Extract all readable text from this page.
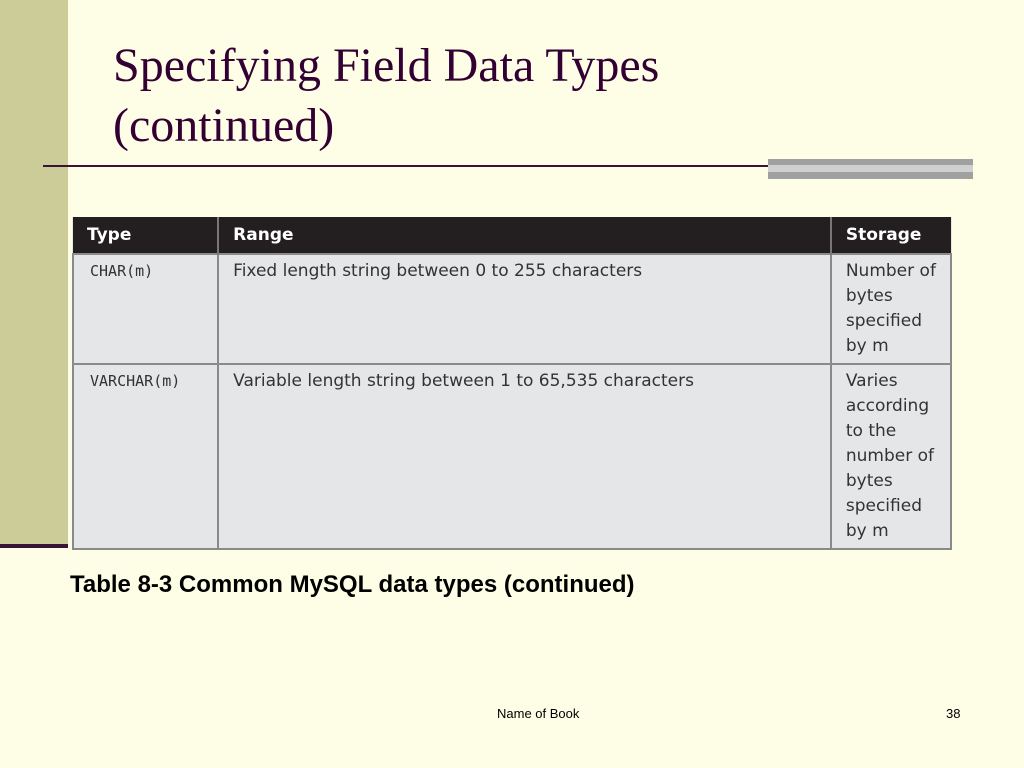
Specifying Field Data Types
(continued)
Type	Range	Storage
CHAR(m)	Fixed length string between 0 to 255 characters	Number of bytes specified by m
VARCHAR(m)	Variable length string between 1 to 65,535 characters	Varies according to the number of bytes specified by m
Table 8-3 Common MySQL data types (continued)
Name of Book	38
